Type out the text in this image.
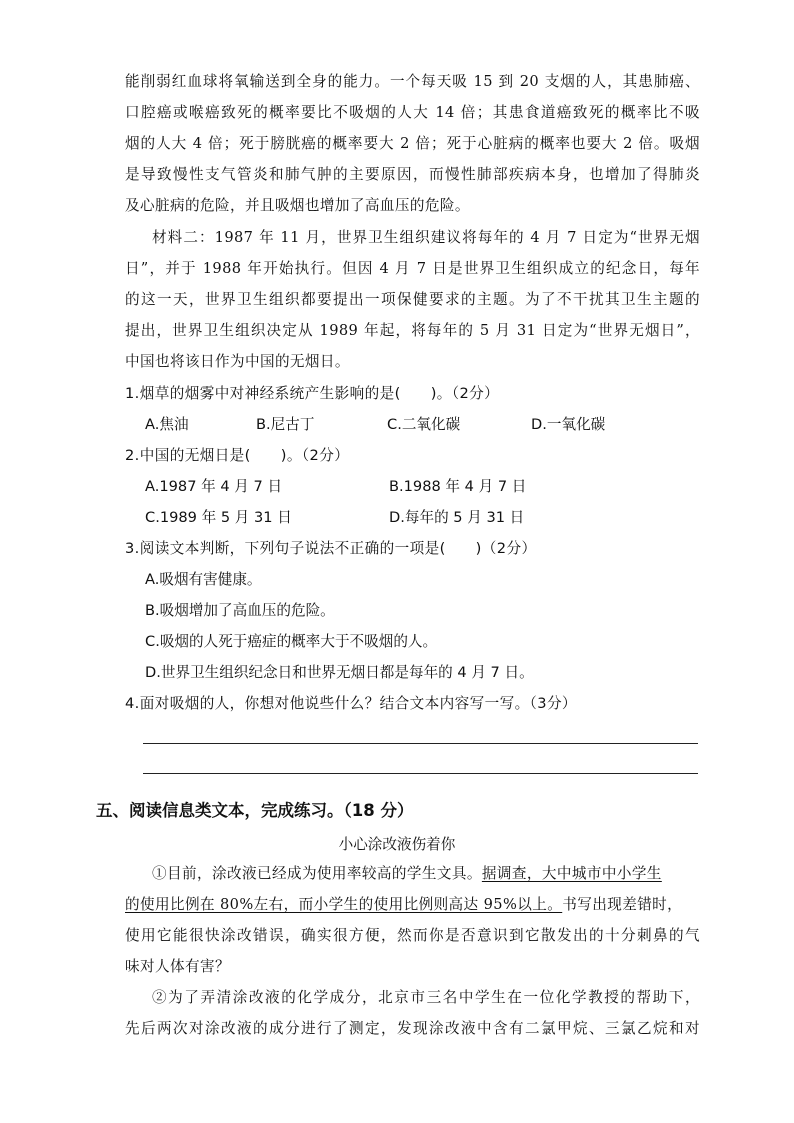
能削弱红血球将氧输送到全身的能力。一个每天吸 15 到 20 支烟的人，其患肺癌、
口腔癌或喉癌致死的概率要比不吸烟的人大 14 倍；其患食道癌致死的概率比不吸
烟的人大 4 倍；死于膀胱癌的概率要大 2 倍；死于心脏病的概率也要大 2 倍。吸烟
是导致慢性支气管炎和肺气肿的主要原因，而慢性肺部疾病本身，也增加了得肺炎
及心脏病的危险，并且吸烟也增加了高血压的危险。
材料二：1987 年 11 月，世界卫生组织建议将每年的 4 月 7 日定为“世界无烟
日”，并于 1988 年开始执行。但因 4 月 7 日是世界卫生组织成立的纪念日，每年
的这一天，世界卫生组织都要提出一项保健要求的主题。为了不干扰其卫生主题的
提出，世界卫生组织决定从 1989 年起，将每年的 5 月 31 日定为“世界无烟日”，
中国也将该日作为中国的无烟日。
1.烟草的烟雾中对神经系统产生影响的是(　　)。（2分）
A.焦油	B.尼古丁	C.二氧化碳	D.一氧化碳
2.中国的无烟日是(　　)。（2分）
A.1987 年 4 月 7 日	B.1988 年 4 月 7 日
C.1989 年 5 月 31 日	D.每年的 5 月 31 日
3.阅读文本判断，下列句子说法不正确的一项是(　　)（2分）
A.吸烟有害健康。
B.吸烟增加了高血压的危险。
C.吸烟的人死于癌症的概率大于不吸烟的人。
D.世界卫生组织纪念日和世界无烟日都是每年的 4 月 7 日。
4.面对吸烟的人，你想对他说些什么？结合文本内容写一写。（3分）
五、阅读信息类文本，完成练习。（18 分）
小心涂改液伤着你
①目前，涂改液已经成为使用率较高的学生文具。据调查，大中城市中小学生
的使用比例在 80%左右，而小学生的使用比例则高达 95%以上。书写出现差错时，
使用它能很快涂改错误，确实很方便，然而你是否意识到它散发出的十分刺鼻的气
味对人体有害？
②为了弄清涂改液的化学成分，北京市三名中学生在一位化学教授的帮助下，
先后两次对涂改液的成分进行了测定，发现涂改液中含有二氯甲烷、三氯乙烷和对
